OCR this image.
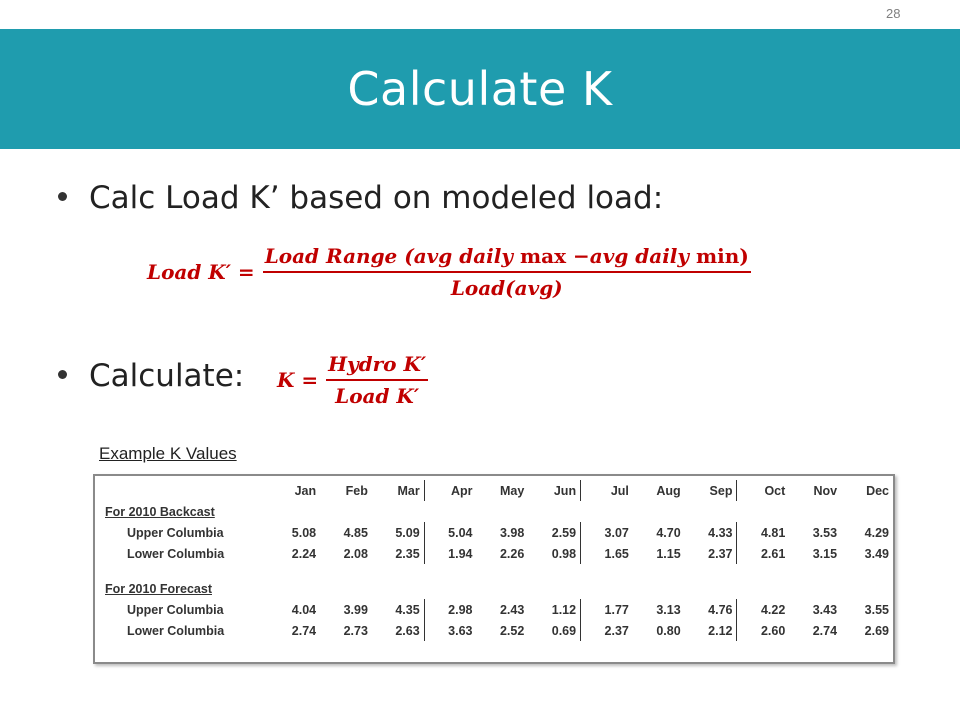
28
Calculate K
Calc Load K’ based on modeled load:
Load $K' = \frac{\text{Load Range (avg daily max −avg daily min)}}{\text{Load(avg)}}$
Calculate: $K = \frac{\text{Hydro K′}}{\text{Load K′}}$
Example K Values
	Jan	Feb	Mar	Apr	May	Jun	Jul	Aug	Sep	Oct	Nov	Dec
For 2010 Backcast												
Upper Columbia	5.08	4.85	5.09	5.04	3.98	2.59	3.07	4.70	4.33	4.81	3.53	4.29
Lower Columbia	2.24	2.08	2.35	1.94	2.26	0.98	1.65	1.15	2.37	2.61	3.15	3.49

For 2010 Forecast												
Upper Columbia	4.04	3.99	4.35	2.98	2.43	1.12	1.77	3.13	4.76	4.22	3.43	3.55
Lower Columbia	2.74	2.73	2.63	3.63	2.52	0.69	2.37	0.80	2.12	2.60	2.74	2.69
